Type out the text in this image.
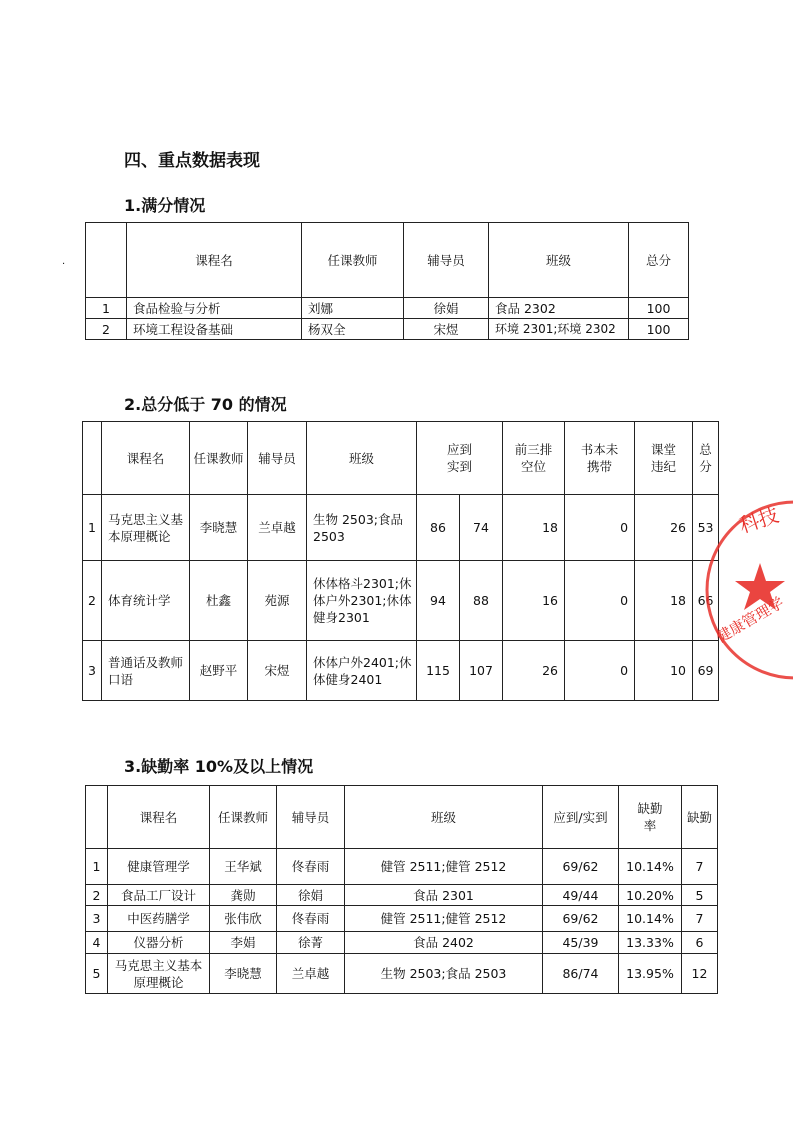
四、重点数据表现
·
1.满分情况
	课程名	任课教师	辅导员	班级	总分
1	食品检验与分析	刘娜	徐娟	食品 2302	100
2	环境工程设备基础	杨双全	宋煜	环境 2301;环境 2302	100
2.总分低于 70 的情况
	课程名	任课教师	辅导员	班级	应到实到		前三排空位	书本未携带	课堂违纪	总分
1	马克思主义基本原理概论	李晓慧	兰卓越	生物 2503;食品 2503	86	74	18	0	26	53
2	体育统计学	杜鑫	苑源	休体格斗2301;休体户外2301;休体健身2301	94	88	16	0	18	66
3	普通话及教师口语	赵野平	宋煜	休体户外2401;休体健身2401	115	107	26	0	10	69
3.缺勤率 10%及以上情况
	课程名	任课教师	辅导员	班级	应到/实到	缺勤率	缺勤
1	健康管理学	王华斌	佟春雨	健管 2511;健管 2512	69/62	10.14%	7
2	食品工厂设计	龚勋	徐娟	食品 2301	49/44	10.20%	5
3	中医药膳学	张伟欣	佟春雨	健管 2511;健管 2512	69/62	10.14%	7
4	仪器分析	李娟	徐菁	食品 2402	45/39	13.33%	6
5	马克思主义基本原理概论	李晓慧	兰卓越	生物 2503;食品 2503	86/74	13.95%	12
科技
健康管理学
